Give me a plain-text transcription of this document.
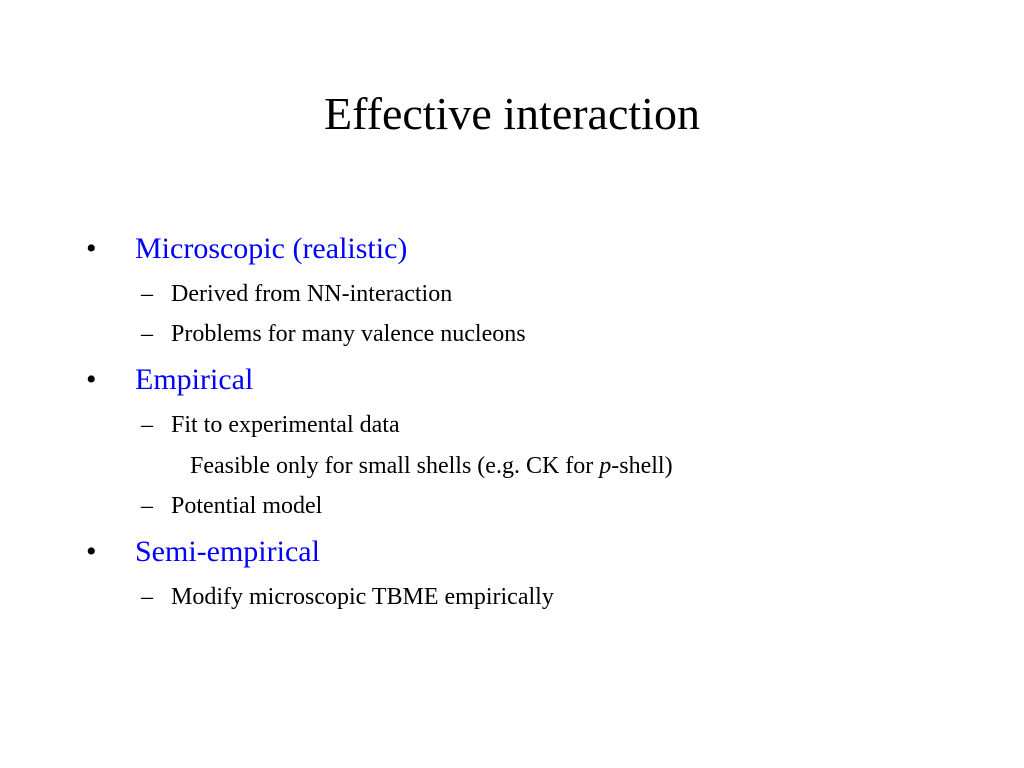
Effective interaction
• Microscopic (realistic)
– Derived from NN-interaction
– Problems for many valence nucleons
• Empirical
– Fit to experimental data
Feasible only for small shells (e.g. CK for p-shell)
– Potential model
• Semi-empirical
– Modify microscopic TBME empirically
